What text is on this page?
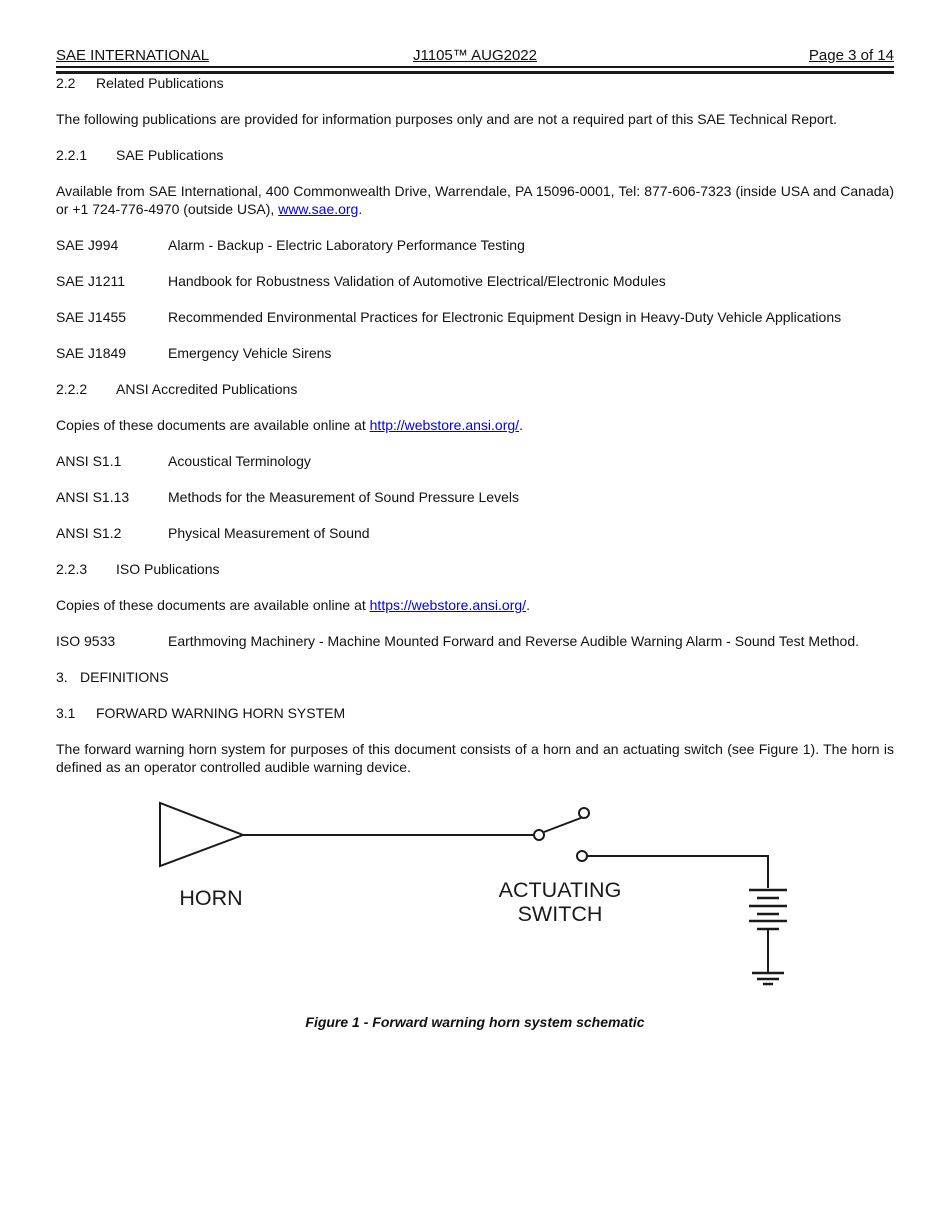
SAE INTERNATIONAL	J1105™ AUG2022	Page 3 of 14

2.2 Related Publications

The following publications are provided for information purposes only and are not a required part of this SAE Technical Report.

2.2.1 SAE Publications

Available from SAE International, 400 Commonwealth Drive, Warrendale, PA 15096-0001, Tel: 877-606-7323 (inside USA and Canada) or +1 724-776-4970 (outside USA), www.sae.org.

SAE J994	Alarm - Backup - Electric Laboratory Performance Testing
SAE J1211	Handbook for Robustness Validation of Automotive Electrical/Electronic Modules
SAE J1455	Recommended Environmental Practices for Electronic Equipment Design in Heavy-Duty Vehicle Applications
SAE J1849	Emergency Vehicle Sirens

2.2.2 ANSI Accredited Publications

Copies of these documents are available online at http://webstore.ansi.org/.

ANSI S1.1	Acoustical Terminology
ANSI S1.13	Methods for the Measurement of Sound Pressure Levels
ANSI S1.2	Physical Measurement of Sound

2.2.3 ISO Publications

Copies of these documents are available online at https://webstore.ansi.org/.

ISO 9533	Earthmoving Machinery - Machine Mounted Forward and Reverse Audible Warning Alarm - Sound Test Method.

3. DEFINITIONS

3.1 FORWARD WARNING HORN SYSTEM

The forward warning horn system for purposes of this document consists of a horn and an actuating switch (see Figure 1). The horn is defined as an operator controlled audible warning device.

HORN	ACTUATING
SWITCH

Figure 1 - Forward warning horn system schematic
